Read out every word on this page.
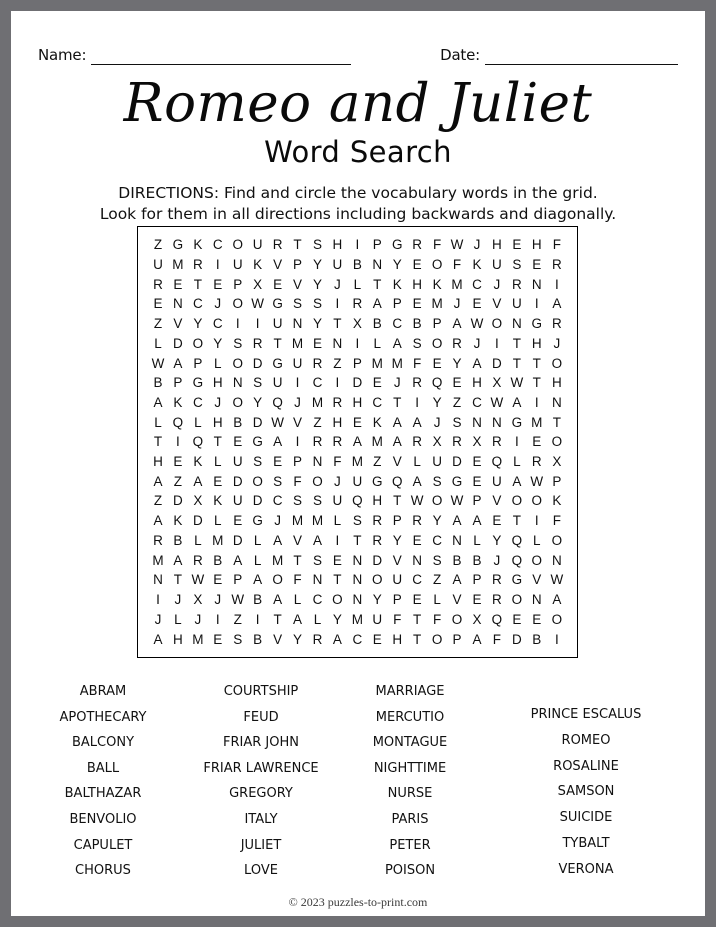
Name:	Date:
Romeo and Juliet
Word Search
DIRECTIONS: Find and circle the vocabulary words in the grid.
Look for them in all directions including backwards and diagonally.
Z	G	K	C	O	U	R	T	S	H	I	P	G	R	F	W	J	H	E	H	F
U	M	R	I	U	K	V	P	Y	U	B	N	Y	E	O	F	K	U	S	E	R
R	E	T	E	P	X	E	V	Y	J	L	T	K	H	K	M	C	J	R	N	I
E	N	C	J	O	W	G	S	S	I	R	A	P	E	M	J	E	V	U	I	A
Z	V	Y	C	I	I	U	N	Y	T	X	B	C	B	P	A	W	O	N	G	R
L	D	O	Y	S	R	T	M	E	N	I	L	A	S	O	R	J	I	T	H	J
W	A	P	L	O	D	G	U	R	Z	P	M	M	F	E	Y	A	D	T	T	O
B	P	G	H	N	S	U	I	C	I	D	E	J	R	Q	E	H	X	W	T	H
A	K	C	J	O	Y	Q	J	M	R	H	C	T	I	Y	Z	C	W	A	I	N
L	Q	L	H	B	D	W	V	Z	H	E	K	A	A	J	S	N	N	G	M	T
T	I	Q	T	E	G	A	I	R	R	A	M	A	R	X	R	X	R	I	E	O
H	E	K	L	U	S	E	P	N	F	M	Z	V	L	U	D	E	Q	L	R	X
A	Z	A	E	D	O	S	F	O	J	U	G	Q	A	S	G	E	U	A	W	P
Z	D	X	K	U	D	C	S	S	U	Q	H	T	W	O	W	P	V	O	O	K
A	K	D	L	E	G	J	M	M	L	S	R	P	R	Y	A	A	E	T	I	F
R	B	L	M	D	L	A	V	A	I	T	R	Y	E	C	N	L	Y	Q	L	O
M	A	R	B	A	L	M	T	S	E	N	D	V	N	S	B	B	J	Q	O	N
N	T	W	E	P	A	O	F	N	T	N	O	U	C	Z	A	P	R	G	V	W
I	J	X	J	W	B	A	L	C	O	N	Y	P	E	L	V	E	R	O	N	A
J	L	J	I	Z	I	T	A	L	Y	M	U	F	T	F	O	X	Q	E	E	O
A	H	M	E	S	B	V	Y	R	A	C	E	H	T	O	P	A	F	D	B	I
ABRAM
APOTHECARY
BALCONY
BALL
BALTHAZAR
BENVOLIO
CAPULET
CHORUS
COURTSHIP
FEUD
FRIAR JOHN
FRIAR LAWRENCE
GREGORY
ITALY
JULIET
LOVE
MARRIAGE
MERCUTIO
MONTAGUE
NIGHTTIME
NURSE
PARIS
PETER
POISON
PRINCE ESCALUS
ROMEO
ROSALINE
SAMSON
SUICIDE
TYBALT
VERONA
© 2023 puzzles-to-print.com
